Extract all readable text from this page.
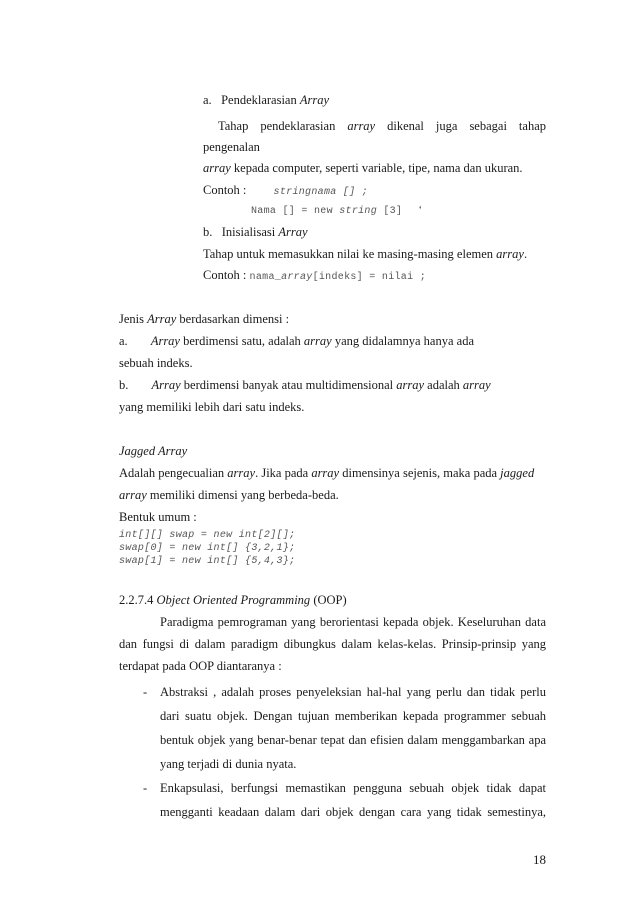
a. Pendeklarasian Array
Tahap pendeklarasian array dikenal juga sebagai tahap
pengenalan
array kepada computer, seperti variable, tipe, nama dan ukuran.
Contoh :	stringnama [] ;
Nama [] = new string [3] ‘
b. Inisialisasi Array
Tahap untuk memasukkan nilai ke masing-masing elemen array.
Contoh : nama_array[indeks] = nilai ;
Jenis Array berdasarkan dimensi :
a. Array berdimensi satu, adalah array yang didalamnya hanya ada
sebuah indeks.
b. Array berdimensi banyak atau multidimensional array adalah array
yang memiliki lebih dari satu indeks.
Jagged Array
Adalah pengecualian array. Jika pada array dimensinya sejenis, maka pada jagged
array memiliki dimensi yang berbeda-beda.
Bentuk umum :
int[][] swap = new int[2][];
swap[0] = new int[] {3,2,1};
swap[1] = new int[] {5,4,3};
2.2.7.4 Object Oriented Programming (OOP)
Paradigma pemrograman yang berorientasi kepada objek. Keseluruhan data
dan fungsi di dalam paradigm dibungkus dalam kelas-kelas. Prinsip-prinsip yang
terdapat pada OOP diantaranya :
- Abstraksi , adalah proses penyeleksian hal-hal yang perlu dan tidak perlu
dari suatu objek. Dengan tujuan memberikan kepada programmer sebuah
bentuk objek yang benar-benar tepat dan efisien dalam menggambarkan apa
yang terjadi di dunia nyata.
- Enkapsulasi, berfungsi memastikan pengguna sebuah objek tidak dapat
mengganti keadaan dalam dari objek dengan cara yang tidak semestinya,
18
